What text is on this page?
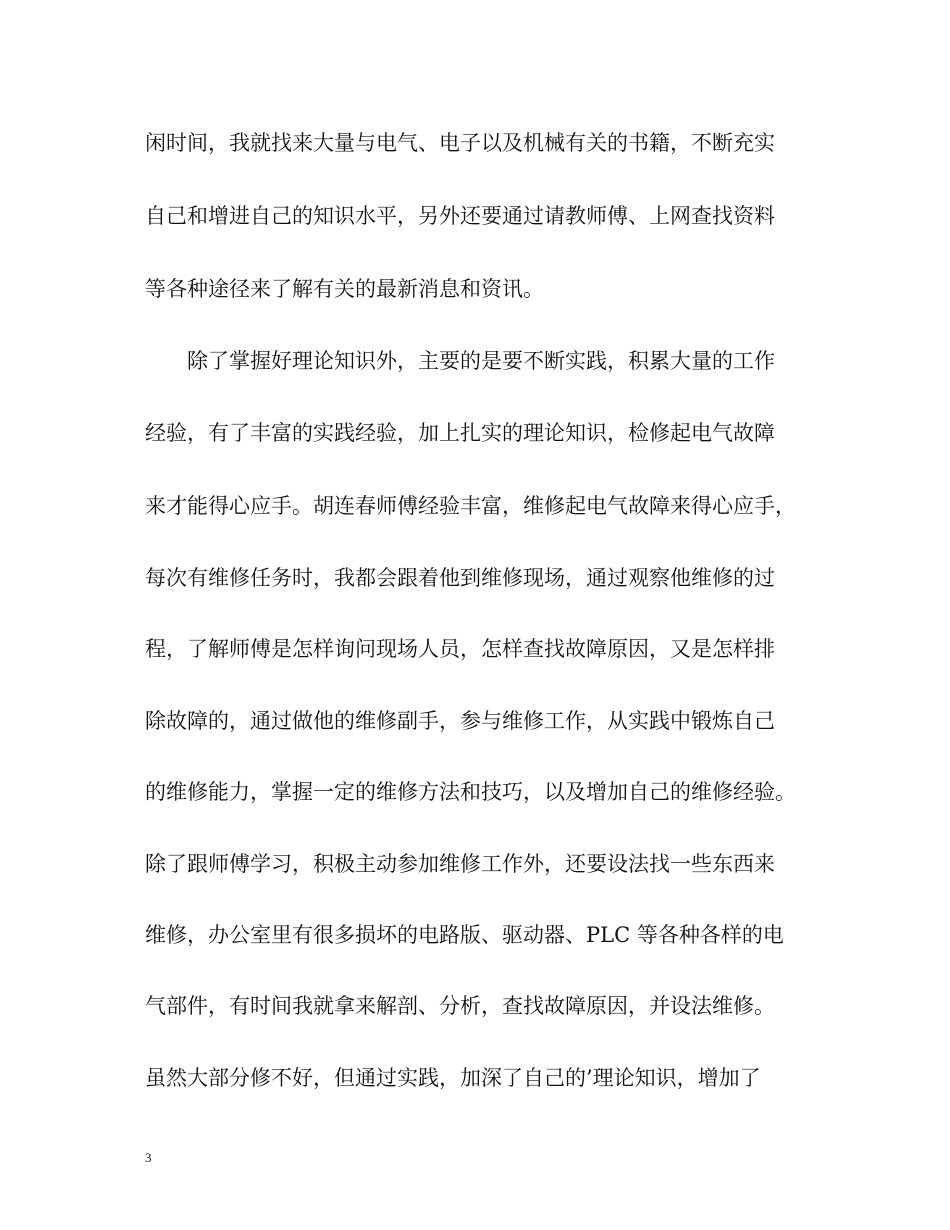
闲时间，我就找来大量与电气、电子以及机械有关的书籍，不断充实
自己和增进自己的知识水平，另外还要通过请教师傅、上网查找资料
等各种途径来了解有关的最新消息和资讯。
除了掌握好理论知识外，主要的是要不断实践，积累大量的工作
经验，有了丰富的实践经验，加上扎实的理论知识，检修起电气故障
来才能得心应手。胡连春师傅经验丰富，维修起电气故障来得心应手，
每次有维修任务时，我都会跟着他到维修现场，通过观察他维修的过
程，了解师傅是怎样询问现场人员，怎样查找故障原因，又是怎样排
除故障的，通过做他的维修副手，参与维修工作，从实践中锻炼自己
的维修能力，掌握一定的维修方法和技巧，以及增加自己的维修经验。
除了跟师傅学习，积极主动参加维修工作外，还要设法找一些东西来
维修，办公室里有很多损坏的电路版、驱动器、PLC 等各种各样的电
气部件，有时间我就拿来解剖、分析，查找故障原因，并设法维修。
虽然大部分修不好，但通过实践，加深了自己的’理论知识，增加了
3
